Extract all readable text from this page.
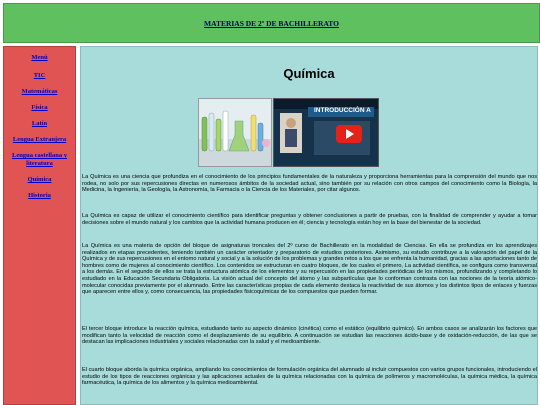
MATERIAS DE 2º DE BACHILLERATO
Menú
TIC
Matemáticas
Física
Latín
Lengua Extranjera
Lengua castellana y literatura
Química
Historia
Química
INTRODUCCIÓN A

La Química es una ciencia que profundiza en el conocimiento de los principios fundamentales de la naturaleza y proporciona herramientas para la comprensión del mundo que nos rodea, no solo por sus repercusiones directas en numerosos ámbitos de la sociedad actual, sino también por su relación con otros campos del conocimiento como la Biología, la Medicina, la Ingeniería, la Geología, la Astronomía, la Farmacia o la Ciencia de los Materiales, por citar algunos.

La Química es capaz de utilizar el conocimiento científico para identificar preguntas y obtener conclusiones a partir de pruebas, con la finalidad de comprender y ayudar a tomar decisiones sobre el mundo natural y los cambios que la actividad humana producen en él; ciencia y tecnología están hoy en la base del bienestar de la sociedad.

La Química es una materia de opción del bloque de asignaturas troncales del 2º curso de Bachillerato en la modalidad de Ciencias. En ella se profundiza en los aprendizajes realizados en etapas precedentes, teniendo también un carácter orientador y preparatorio de estudios posteriores. Asimismo, su estudio contribuye a la valoración del papel de la Química y de sus repercusiones en el entorno natural y social y a la solución de los problemas y grandes retos a los que se enfrenta la humanidad, gracias a las aportaciones tanto de hombres como de mujeres al conocimiento científico. Los contenidos se estructuran en cuatro bloques, de los cuales el primero, La actividad científica, se configura como transversal a los demás. En el segundo de ellos se trata la estructura atómica de los elementos y su repercusión en las propiedades periódicas de los mismos, profundizando y completando lo estudiado en la Educación Secundaria Obligatoria. La visión actual del concepto del átomo y las subpartículas que lo conforman contrasta con las nociones de la teoría atómico-molecular conocidas previamente por el alumnado. Entre las características propias de cada elemento destaca la reactividad de sus átomos y los distintos tipos de enlaces y fuerzas que aparecen entre ellos y, como consecuencia, las propiedades fisicoquímicas de los compuestos que pueden formar.

El tercer bloque introduce la reacción química, estudiando tanto su aspecto dinámico (cinética) como el estático (equilibrio químico). En ambos casos se analizarán los factores que modifican tanto la velocidad de reacción como el desplazamiento de su equilibrio. A continuación se estudian las reacciones ácido-base y de oxidación-reducción, de las que se destacan las implicaciones industriales y sociales relacionadas con la salud y el medioambiente.

El cuarto bloque aborda la química orgánica, ampliando los conocimientos de formulación orgánica del alumnado al incluir compuestos con varios grupos funcionales, introduciendo el estudio de los tipos de reacciones orgánicas y las aplicaciones actuales de la química relacionadas con la química de polímeros y macromoléculas, la química médica, la química farmacéutica, la química de los alimentos y la química medioambiental.
